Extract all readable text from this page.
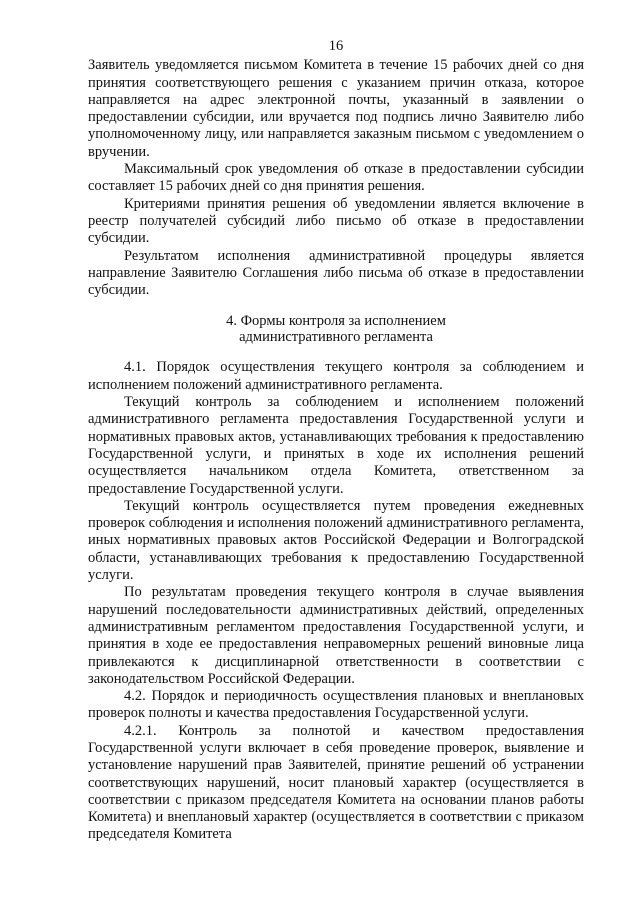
16

Заявитель уведомляется письмом Комитета в течение 15 рабочих дней со дня принятия соответствующего решения с указанием причин отказа, которое направляется на адрес электронной почты, указанный в заявлении о предоставлении субсидии, или вручается под подпись лично Заявителю либо уполномоченному лицу, или направляется заказным письмом с уведомлением о вручении.

Максимальный срок уведомления об отказе в предоставлении субсидии составляет 15 рабочих дней со дня принятия решения.

Критериями принятия решения об уведомлении является включение в реестр получателей субсидий либо письмо об отказе в предоставлении субсидии.

Результатом исполнения административной процедуры является направление Заявителю Соглашения либо письма об отказе в предоставлении субсидии.

4. Формы контроля за исполнением
административного регламента

4.1. Порядок осуществления текущего контроля за соблюдением и исполнением положений административного регламента.

Текущий контроль за соблюдением и исполнением положений административного регламента предоставления Государственной услуги и нормативных правовых актов, устанавливающих требования к предоставлению Государственной услуги, и принятых в ходе их исполнения решений осуществляется начальником отдела Комитета, ответственном за предоставление Государственной услуги.

Текущий контроль осуществляется путем проведения ежедневных проверок соблюдения и исполнения положений административного регламента, иных нормативных правовых актов Российской Федерации и Волгоградской области, устанавливающих требования к предоставлению Государственной услуги.

По результатам проведения текущего контроля в случае выявления нарушений последовательности административных действий, определенных административным регламентом предоставления Государственной услуги, и принятия в ходе ее предоставления неправомерных решений виновные лица привлекаются к дисциплинарной ответственности в соответствии с законодательством Российской Федерации.

4.2. Порядок и периодичность осуществления плановых и внеплановых проверок полноты и качества предоставления Государственной услуги.

4.2.1. Контроль за полнотой и качеством предоставления Государственной услуги включает в себя проведение проверок, выявление и установление нарушений прав Заявителей, принятие решений об устранении соответствующих нарушений, носит плановый характер (осуществляется в соответствии с приказом председателя Комитета на основании планов работы Комитета) и внеплановый характер (осуществляется в соответствии с приказом председателя Комитета
